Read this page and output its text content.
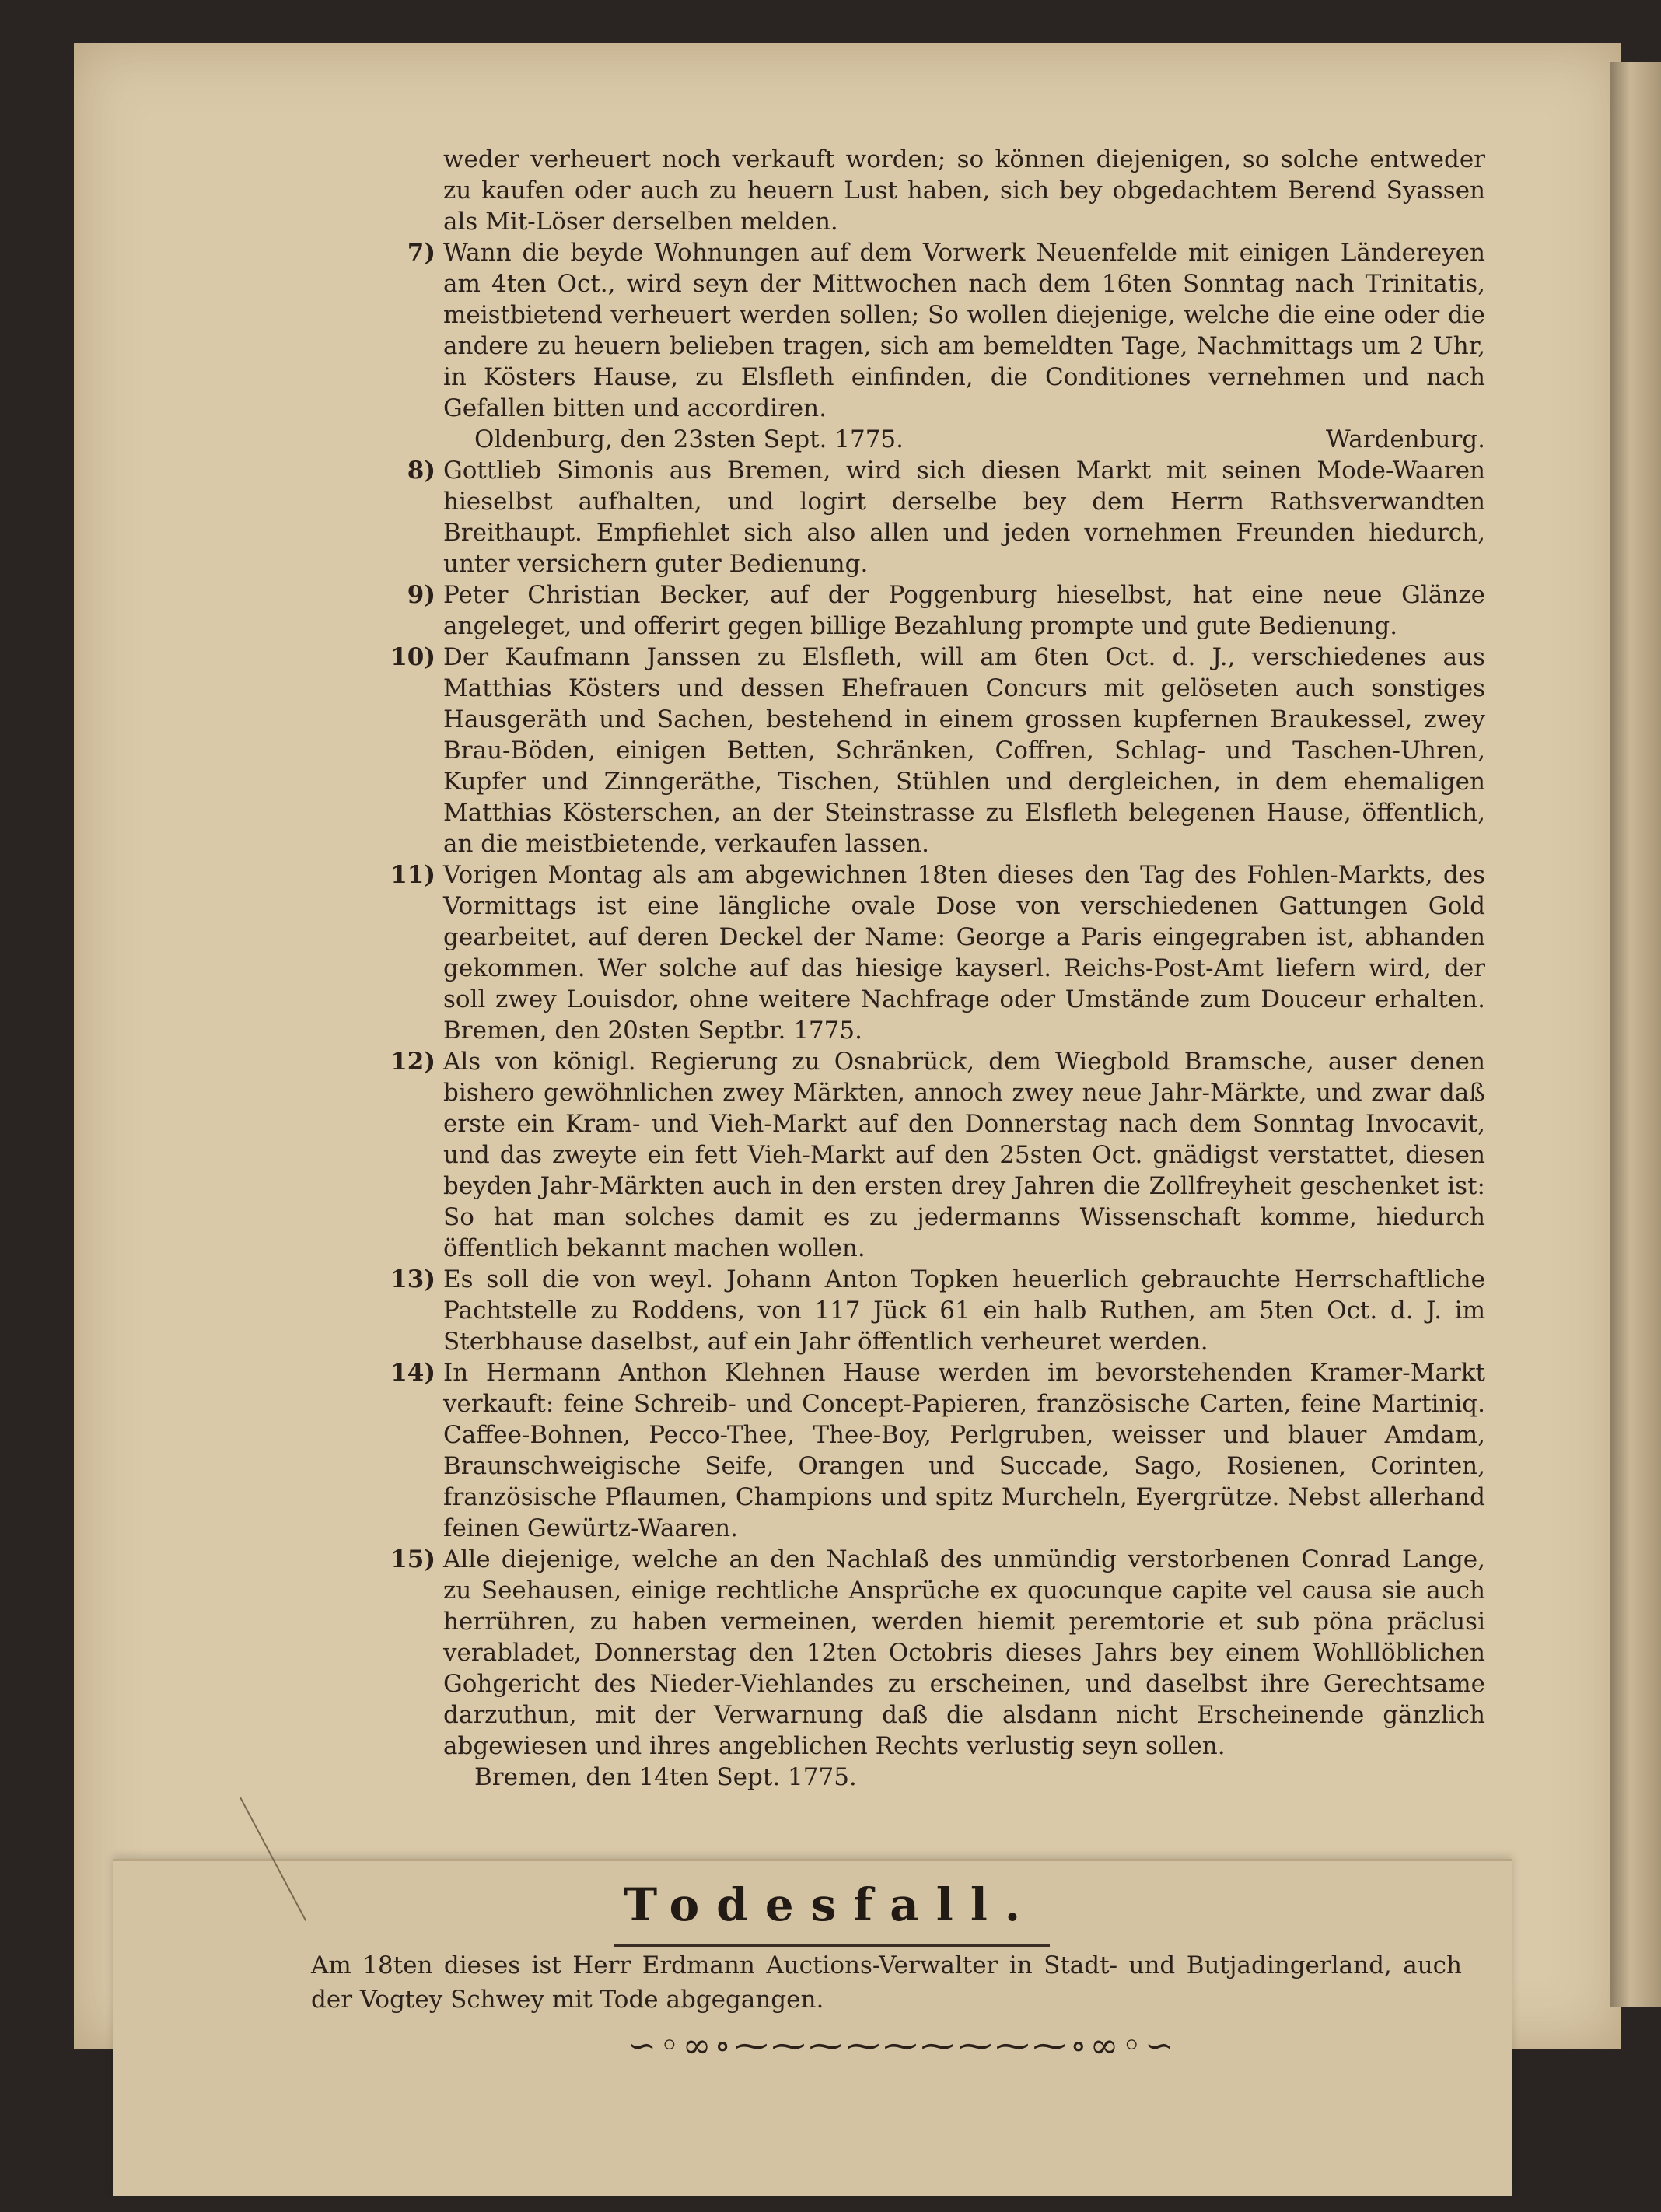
weder verheuert noch verkauft worden; so können diejenigen, so solche entweder zu kaufen oder auch zu heuern Lust haben, sich bey obgedachtem Berend Syassen als Mit-Löser derselben melden.

7) Wann die beyde Wohnungen auf dem Vorwerk Neuenfelde mit einigen Ländereyen am 4ten Oct., wird seyn der Mittwochen nach dem 16ten Sonntag nach Trinitatis, meistbietend verheuert werden sollen; So wollen diejenige, welche die eine oder die andere zu heuern belieben tragen, sich am bemeldten Tage, Nachmittags um 2 Uhr, in Kösters Hause, zu Elsfleth einfinden, die Conditiones vernehmen und nach Gefallen bitten und accordiren.

Oldenburg, den 23sten Sept. 1775.	Wardenburg.
8) Gottlieb Simonis aus Bremen, wird sich diesen Markt mit seinen Mode-Waaren hieselbst aufhalten, und logirt derselbe bey dem Herrn Rathsverwandten Breithaupt. Empfiehlet sich also allen und jeden vornehmen Freunden hiedurch, unter versichern guter Bedienung.

9) Peter Christian Becker, auf der Poggenburg hieselbst, hat eine neue Glänze angeleget, und offerirt gegen billige Bezahlung prompte und gute Bedienung.

10) Der Kaufmann Janssen zu Elsfleth, will am 6ten Oct. d. J., verschiedenes aus Matthias Kösters und dessen Ehefrauen Concurs mit gelöseten auch sonstiges Hausgeräth und Sachen, bestehend in einem grossen kupfernen Braukessel, zwey Brau-Böden, einigen Betten, Schränken, Coffren, Schlag- und Taschen-Uhren, Kupfer und Zinngeräthe, Tischen, Stühlen und dergleichen, in dem ehemaligen Matthias Kösterschen, an der Steinstrasse zu Elsfleth belegenen Hause, öffentlich, an die meistbietende, verkaufen lassen.

11) Vorigen Montag als am abgewichnen 18ten dieses den Tag des Fohlen-Markts, des Vormittags ist eine längliche ovale Dose von verschiedenen Gattungen Gold gearbeitet, auf deren Deckel der Name: George a Paris eingegraben ist, abhanden gekommen. Wer solche auf das hiesige kayserl. Reichs-Post-Amt liefern wird, der soll zwey Louisdor, ohne weitere Nachfrage oder Umstände zum Douceur erhalten. Bremen, den 20sten Septbr. 1775.

12) Als von königl. Regierung zu Osnabrück, dem Wiegbold Bramsche, auser denen bishero gewöhnlichen zwey Märkten, annoch zwey neue Jahr-Märkte, und zwar daß erste ein Kram- und Vieh-Markt auf den Donnerstag nach dem Sonntag Invocavit, und das zweyte ein fett Vieh-Markt auf den 25sten Oct. gnädigst verstattet, diesen beyden Jahr-Märkten auch in den ersten drey Jahren die Zollfreyheit geschenket ist: So hat man solches damit es zu jedermanns Wissenschaft komme, hiedurch öffentlich bekannt machen wollen.

13) Es soll die von weyl. Johann Anton Topken heuerlich gebrauchte Herrschaftliche Pachtstelle zu Roddens, von 117 Jück 61 ein halb Ruthen, am 5ten Oct. d. J. im Sterbhause daselbst, auf ein Jahr öffentlich verheuret werden.

14) In Hermann Anthon Klehnen Hause werden im bevorstehenden Kramer-Markt verkauft: feine Schreib- und Concept-Papieren, französische Carten, feine Martiniq. Caffee-Bohnen, Pecco-Thee, Thee-Boy, Perlgruben, weisser und blauer Amdam, Braunschweigische Seife, Orangen und Succade, Sago, Rosienen, Corinten, französische Pflaumen, Champions und spitz Murcheln, Eyergrütze. Nebst allerhand feinen Gewürtz-Waaren.

15) Alle diejenige, welche an den Nachlaß des unmündig verstorbenen Conrad Lange, zu Seehausen, einige rechtliche Ansprüche ex quocunque capite vel causa sie auch herrühren, zu haben vermeinen, werden hiemit peremtorie et sub pöna präclusi verabladet, Donnerstag den 12ten Octobris dieses Jahrs bey einem Wohllöblichen Gohgericht des Nieder-Viehlandes zu erscheinen, und daselbst ihre Gerechtsame darzuthun, mit der Verwarnung daß die alsdann nicht Erscheinende gänzlich abgewiesen und ihres angeblichen Rechts verlustig seyn sollen.

Bremen, den 14ten Sept. 1775.
Todesfall.
Am 18ten dieses ist Herr Erdmann Auctions-Verwalter in Stadt- und Butjadingerland, auch der Vogtey Schwey mit Tode abgegangen.
∽◦∞∘⁓⁓⁓⁓⁓⁓⁓⁓⁓∘∞◦∽
